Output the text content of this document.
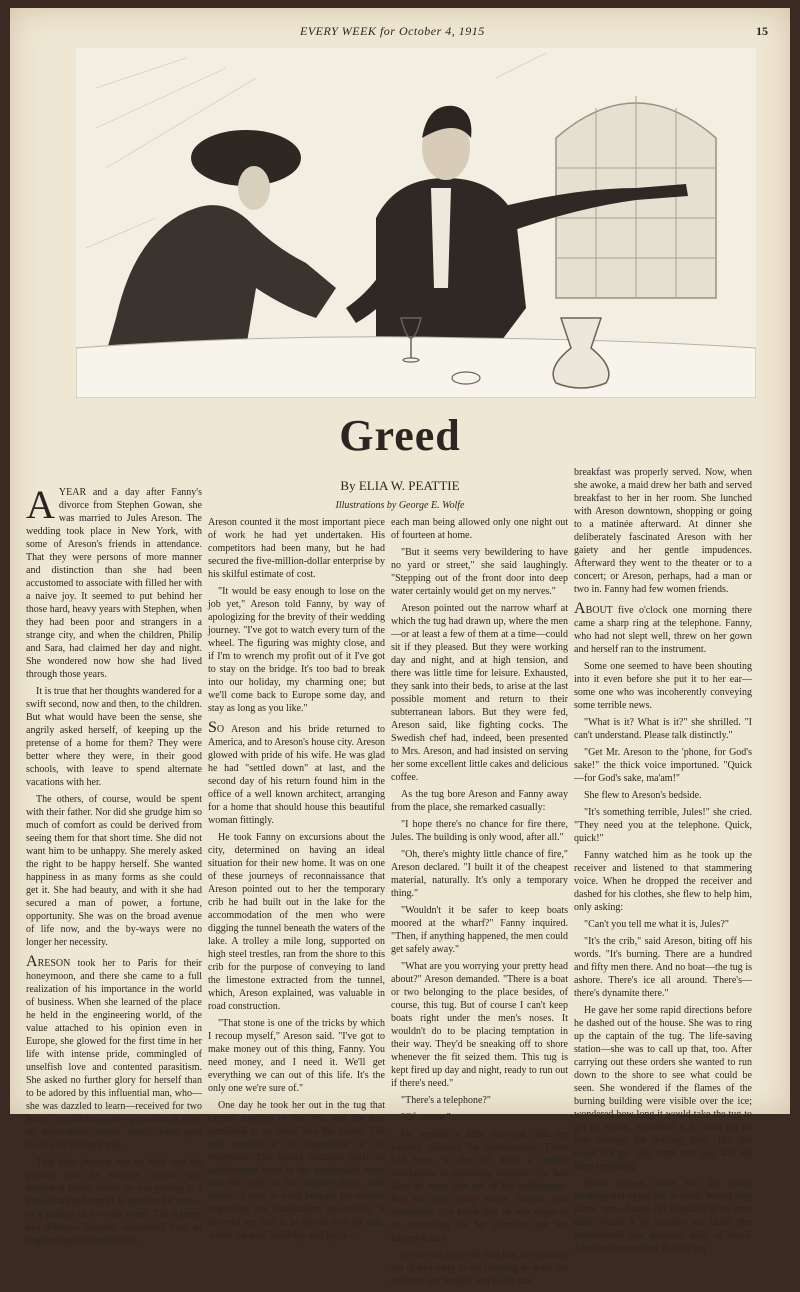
EVERY WEEK for October 4, 1915	15
Greed
By ELIA W. PEATTIE
Illustrations by George E. Wolfe

AYEAR and a day after Fanny's divorce from Stephen Gowan, she was married to Jules Areson. The wedding took place in New York, with some of Areson's friends in attendance. That they were persons of more manner and distinction than she had been accustomed to associate with filled her with a naive joy. It seemed to put behind her those hard, heavy years with Stephen, when they had been poor and strangers in a strange city, and when the children, Philip and Sara, had claimed her day and night. She wondered now how she had lived through those years.

It is true that her thoughts wandered for a swift second, now and then, to the children. But what would have been the sense, she angrily asked herself, of keeping up the pretense of a home for them? They were better where they were, in their good schools, with leave to spend alternate vacations with her.

The others, of course, would be spent with their father. Nor did she grudge him so much of comfort as could be derived from seeing them for that short time. She did not want him to be unhappy. She merely asked the right to be happy herself. She wanted happiness in as many forms as she could get it. She had beauty, and with it she had secured a man of power, a fortune, opportunity. She was on the broad avenue of life now, and the by-ways were no longer her necessity.

ARESON took her to Paris for their honeymoon, and there she came to a full realization of his importance in the world of business. When she learned of the place he held in the engineering world, of the value attached to his opinion even in Europe, she glowed for the first time in her life with intense pride, commingled of unselfish love and contented parasitism. She asked no further glory for herself than to be adored by this influential man, who—she was dazzled to learn—received for two hours' consultation with specialists in Paris an honorarium which would have paid twice over for their trip.

That their journey was so brief was the penalty paid for success. Areson was needed at home, where he was putting in a three-branched tunnel to provide his city—or a portion of it—with water. The scheme had dramatic features, considered from an engineering standpoint, and

Areson counted it the most important piece of work he had yet undertaken. His competitors had been many, but he had secured the five-million-dollar enterprise by his skilful estimate of cost.

"It would be easy enough to lose on the job yet," Areson told Fanny, by way of apologizing for the brevity of their wedding journey. "I've got to watch every turn of the wheel. The figuring was mighty close, and if I'm to wrench my profit out of it I've got to stay on the bridge. It's too bad to break into our holiday, my charming one; but we'll come back to Europe some day, and stay as long as you like."

SO Areson and his bride returned to America, and to Areson's house city. Areson glowed with pride of his wife. He was glad he had "settled down" at last, and the second day of his return found him in the office of a well known architect, arranging for a home that should house this beautiful woman fittingly.

He took Fanny on excursions about the city, determined on having an ideal situation for their new home. It was on one of these journeys of reconnaissance that Areson pointed out to her the temporary crib he had built out in the lake for the accommodation of the men who were digging the tunnel beneath the waters of the lake. A trolley a mile long, supported on high steel trestles, ran from the shore to this crib for the purpose of conveying to land the limestone extracted from the tunnel, which, Areson explained, was valuable in road construction.

"That stone is one of the tricks by which I recoup myself," Areson said. "I've got to make money out of this thing, Fanny. You need money, and I need it. We'll get everything we can out of this life. It's the only one we're sure of."

One day he took her out in the tug that carried supplies to the crib, and she was permitted to go down into the tunnel. She was amazed at the magnitude of the enterprise. The tunnel declared itself an achievement even to her uneducated eyes; and the sight of the activity there, with scores of men at work beneath the waters, impressed her imagination powerfully. It diverted her, too, to be shown over the crib, where the men lived day and night—

each man being allowed only one night out of fourteen at home.

"But it seems very bewildering to have no yard or street," she said laughingly. "Stepping out of the front door into deep water certainly would get on my nerves."

Areson pointed out the narrow wharf at which the tug had drawn up, where the men—or at least a few of them at a time—could sit if they pleased. But they were working day and night, and at high tension, and there was little time for leisure. Exhausted, they sank into their beds, to arise at the last possible moment and return to their subterranean labors. But they were fed, Areson said, like fighting cocks. The Swedish chef had, indeed, been presented to Mrs. Areson, and had insisted on serving her some excellent little cakes and delicious coffee.

As the tug bore Areson and Fanny away from the place, she remarked casually:

"I hope there's no chance for fire there, Jules. The building is only wood, after all."

"Oh, there's mighty little chance of fire," Areson declared. "I built it of the cheapest material, naturally. It's only a temporary thing."

"Wouldn't it be safer to keep boats moored at the wharf?" Fanny inquired. "Then, if anything happened, the men could get safely away."

"What are you worrying your pretty head about?" Areson demanded. "There is a boat or two belonging to the place besides, of course, this tug. But of course I can't keep boats right under the men's noses. It wouldn't do to be placing temptation in their way. They'd be sneaking off to shore whenever the fit seized them. This tug is kept fired up day and night, ready to run out if there's need."

"There's a telephone?"

"Of course."

He seemed a little annoyed, and she adroitly changed the conversation. There had been, in the old days, a certain satisfaction in disturbing Stephen. She had liked to rouse him out of his indifference. But she was wary where Areson was concerned. She knew that he was eager to do everything for her comfort; and she adored luxury.

In the old days she had had to scramble out of bed early in the morning to dress the children and herself, and to see that

breakfast was properly served. Now, when she awoke, a maid drew her bath and served breakfast to her in her room. She lunched with Areson downtown, shopping or going to a matinée afterward. At dinner she deliberately fascinated Areson with her gaiety and her gentle impudences. Afterward they went to the theater or to a concert; or Areson, perhaps, had a man or two in. Fanny had few women friends.

ABOUT five o'clock one morning there came a sharp ring at the telephone. Fanny, who had not slept well, threw on her gown and herself ran to the instrument.

Some one seemed to have been shouting into it even before she put it to her ear—some one who was incoherently conveying some terrible news.

"What is it? What is it?" she shrilled. "I can't understand. Please talk distinctly."

"Get Mr. Areson to the 'phone, for God's sake!" the thick voice importuned. "Quick—for God's sake, ma'am!"

She flew to Areson's bedside.

"It's something terrible, Jules!" she cried. "They need you at the telephone. Quick, quick!"

Fanny watched him as he took up the receiver and listened to that stammering voice. When he dropped the receiver and dashed for his clothes, she flew to help him, only asking:

"Can't you tell me what it is, Jules?"

"It's the crib," said Areson, biting off his words. "It's burning. There are a hundred and fifty men there. And no boat—the tug is ashore. There's ice all around. There's—there's dynamite there."

He gave her some rapid directions before he dashed out of the house. She was to ring up the captain of the tug. The life-saving station—she was to call up that, too. After carrying out these orders she wanted to run down to the shore to see what could be seen. She wondered if the flames of the burning building were visible over the ice; wondered how long it would take the tug to get up steam; wondered if it could cut its way through the drifting floes. But she could not go. She crept into bed and lay there trembling.

Hours passed while she lay there, thinking and trying not to think. Would they blame him—blame her husband? If the men died, would it be counted his fault? She remembered that structure built of wood. Jules had assured her that the tug
